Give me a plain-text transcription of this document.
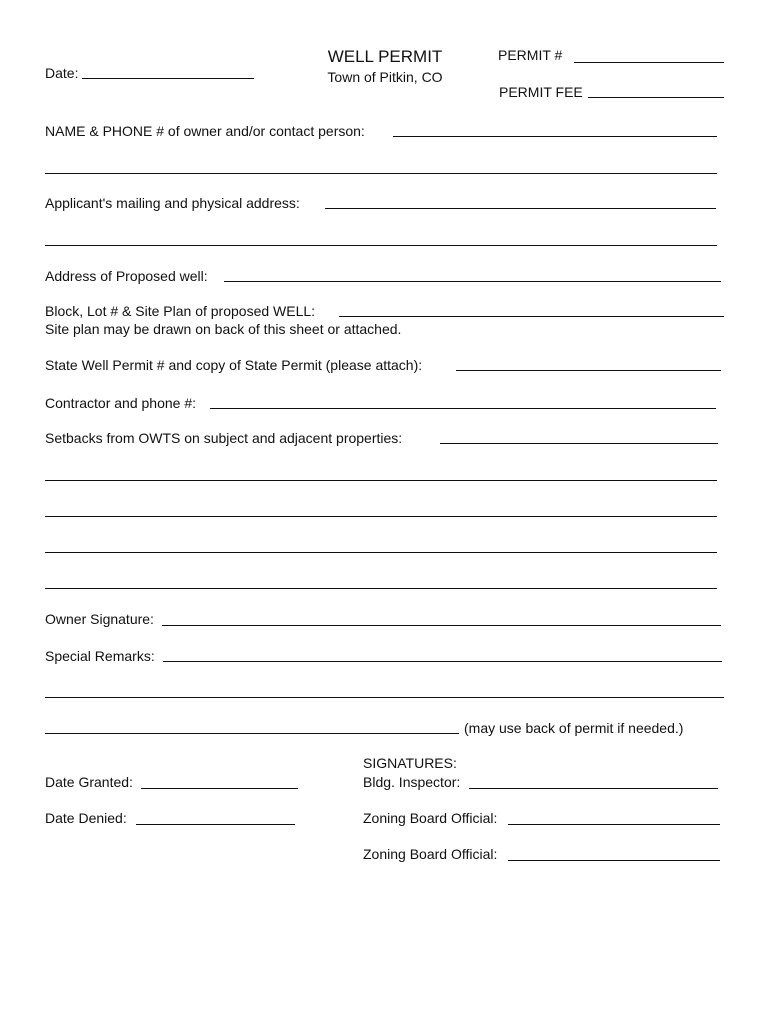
WELL PERMIT
Town of Pitkin, CO
Date:
PERMIT #
PERMIT FEE
NAME & PHONE # of owner and/or contact person:
Applicant's mailing and physical address:
Address of Proposed well:
Block, Lot # & Site Plan of proposed WELL:
Site plan may be drawn on back of this sheet or attached.
State Well Permit # and copy of State Permit (please attach):
Contractor and phone #:
Setbacks from OWTS on subject and adjacent properties:
Owner Signature:
Special Remarks:
(may use back of permit if needed.)
SIGNATURES:
Date Granted:	Bldg. Inspector:
Date Denied:	Zoning Board Official:
Zoning Board Official:
